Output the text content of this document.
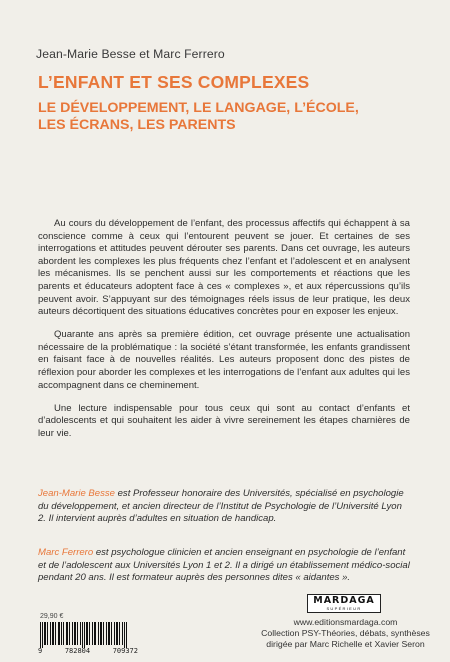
Jean-Marie Besse et Marc Ferrero
L’ENFANT ET SES COMPLEXES
LE DÉVELOPPEMENT, LE LANGAGE, L’ÉCOLE,
LES ÉCRANS, LES PARENTS

Au cours du développement de l’enfant, des processus affectifs qui échappent à sa conscience comme à ceux qui l’entourent peuvent se jouer. Et certaines de ses interrogations et attitudes peuvent dérouter ses parents. Dans cet ouvrage, les auteurs abordent les complexes les plus fréquents chez l’enfant et l’adolescent et en analysent les mécanismes. Ils se penchent aussi sur les comportements et réactions que les parents et éducateurs adoptent face à ces « complexes », et aux répercussions qu’ils peuvent avoir. S’appuyant sur des témoignages réels issus de leur pratique, les deux auteurs décortiquent des situations éducatives concrètes pour en exposer les enjeux.

Quarante ans après sa première édition, cet ouvrage présente une actualisation nécessaire de la problématique : la société s’étant transformée, les enfants grandissent en faisant face à de nouvelles réalités. Les auteurs proposent donc des pistes de réflexion pour aborder les complexes et les interrogations de l’enfant aux adultes qui les accompagnent dans ce cheminement.

Une lecture indispensable pour tous ceux qui sont au contact d’enfants et d’adolescents et qui souhaitent les aider à vivre sereinement les étapes charnières de leur vie.

Jean-Marie Besse est Professeur honoraire des Universités, spécialisé en psychologie du développement, et ancien directeur de l’Institut de Psychologie de l’Université Lyon 2. Il intervient auprès d’adultes en situation de handicap.
Marc Ferrero est psychologue clinicien et ancien enseignant en psychologie de l’enfant et de l’adolescent aux Universités Lyon 1 et 2. Il a dirigé un établissement médico-social pendant 20 ans. Il est formateur auprès des personnes dites « aidantes ».
29,90 €
9	782804	709372
MARDAGA
SUPÉRIEUR
www.editionsmardaga.com
Collection PSY-Théories, débats, synthèses
dirigée par Marc Richelle et Xavier Seron
